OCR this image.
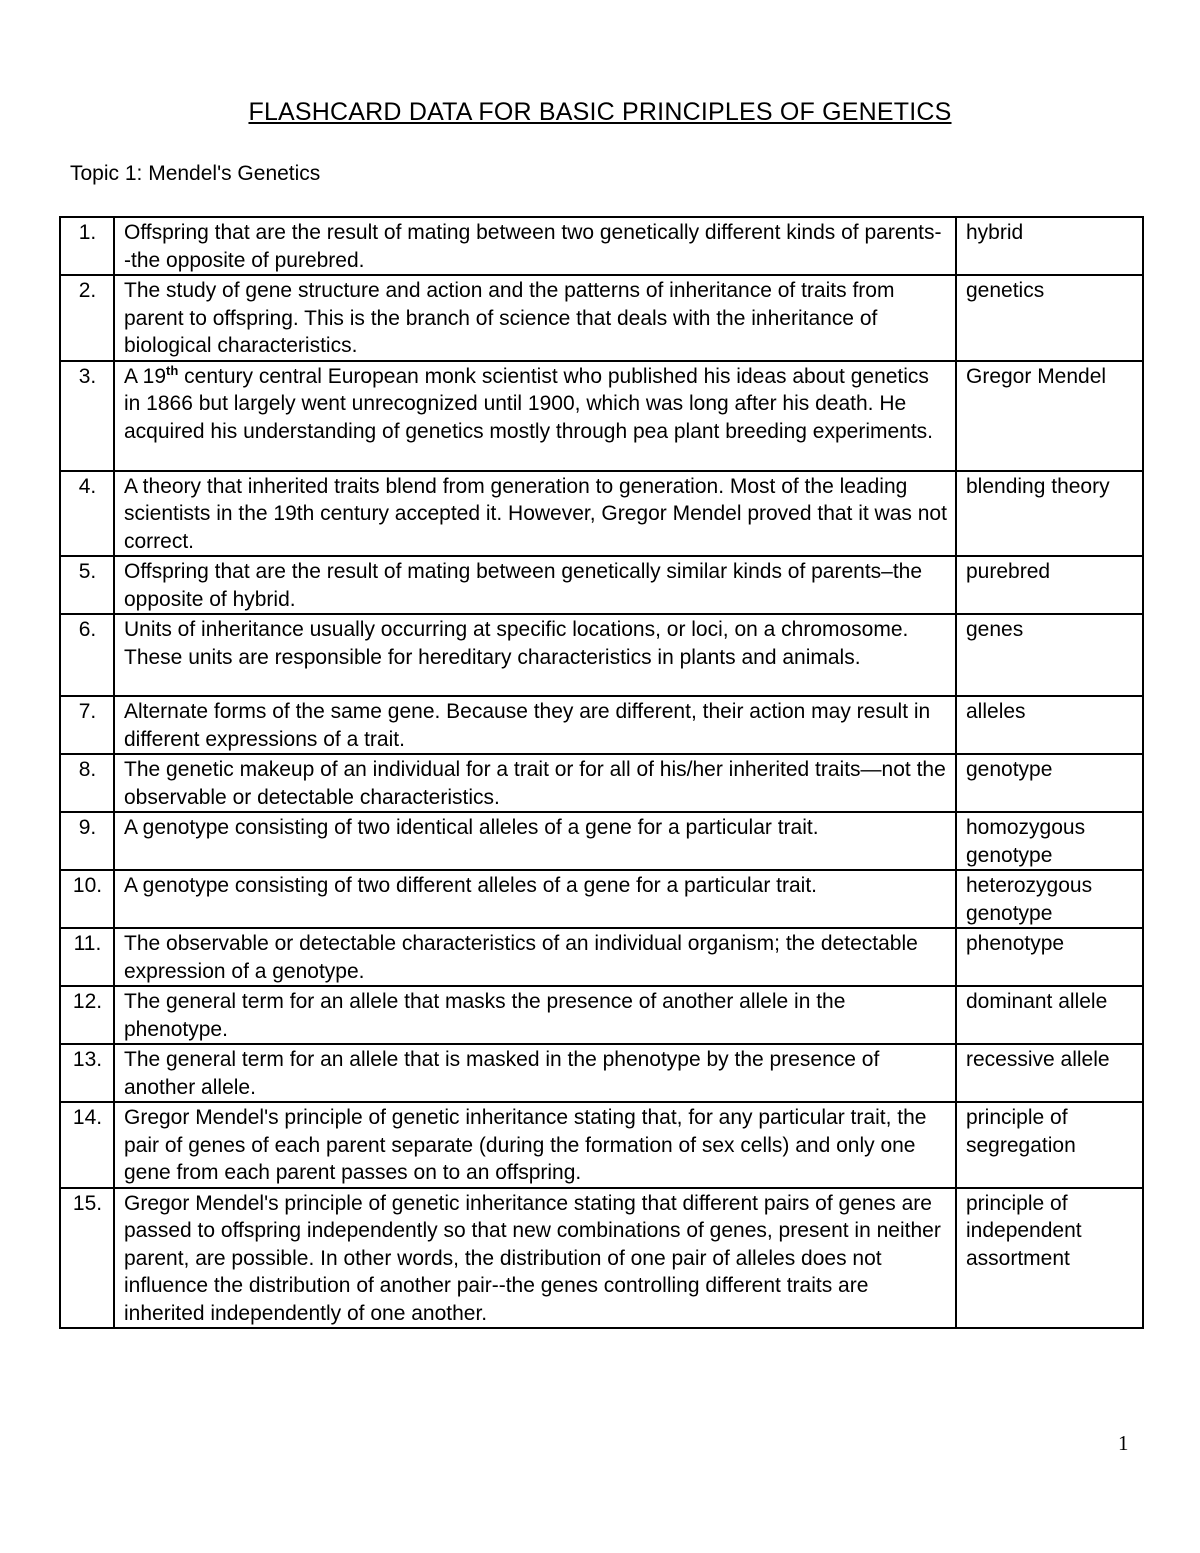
FLASHCARD DATA FOR BASIC PRINCIPLES OF GENETICS
Topic 1: Mendel's Genetics
1.	Offspring that are the result of mating between two genetically different kinds of parents--the opposite of purebred.	hybrid
2.	The study of gene structure and action and the patterns of inheritance of traits from parent to offspring. This is the branch of science that deals with the inheritance of biological characteristics.	genetics
3.	A 19th century central European monk scientist who published his ideas about genetics in 1866 but largely went unrecognized until 1900, which was long after his death. He acquired his understanding of genetics mostly through pea plant breeding experiments.	Gregor Mendel
4.	A theory that inherited traits blend from generation to generation. Most of the leading scientists in the 19th century accepted it. However, Gregor Mendel proved that it was not correct.	blending theory
5.	Offspring that are the result of mating between genetically similar kinds of parents–the opposite of hybrid.	purebred
6.	Units of inheritance usually occurring at specific locations, or loci, on a chromosome. These units are responsible for hereditary characteristics in plants and animals.	genes
7.	Alternate forms of the same gene. Because they are different, their action may result in different expressions of a trait.	alleles
8.	The genetic makeup of an individual for a trait or for all of his/her inherited traits—not the observable or detectable characteristics.	genotype
9.	A genotype consisting of two identical alleles of a gene for a particular trait.	homozygous genotype
10.	A genotype consisting of two different alleles of a gene for a particular trait.	heterozygous genotype
11.	The observable or detectable characteristics of an individual organism; the detectable expression of a genotype.	phenotype
12.	The general term for an allele that masks the presence of another allele in the phenotype.	dominant allele
13.	The general term for an allele that is masked in the phenotype by the presence of another allele.	recessive allele
14.	Gregor Mendel's principle of genetic inheritance stating that, for any particular trait, the pair of genes of each parent separate (during the formation of sex cells) and only one gene from each parent passes on to an offspring.	principle of segregation
15.	Gregor Mendel's principle of genetic inheritance stating that different pairs of genes are passed to offspring independently so that new combinations of genes, present in neither parent, are possible. In other words, the distribution of one pair of alleles does not influence the distribution of another pair--the genes controlling different traits are inherited independently of one another.	principle of independent assortment
1
